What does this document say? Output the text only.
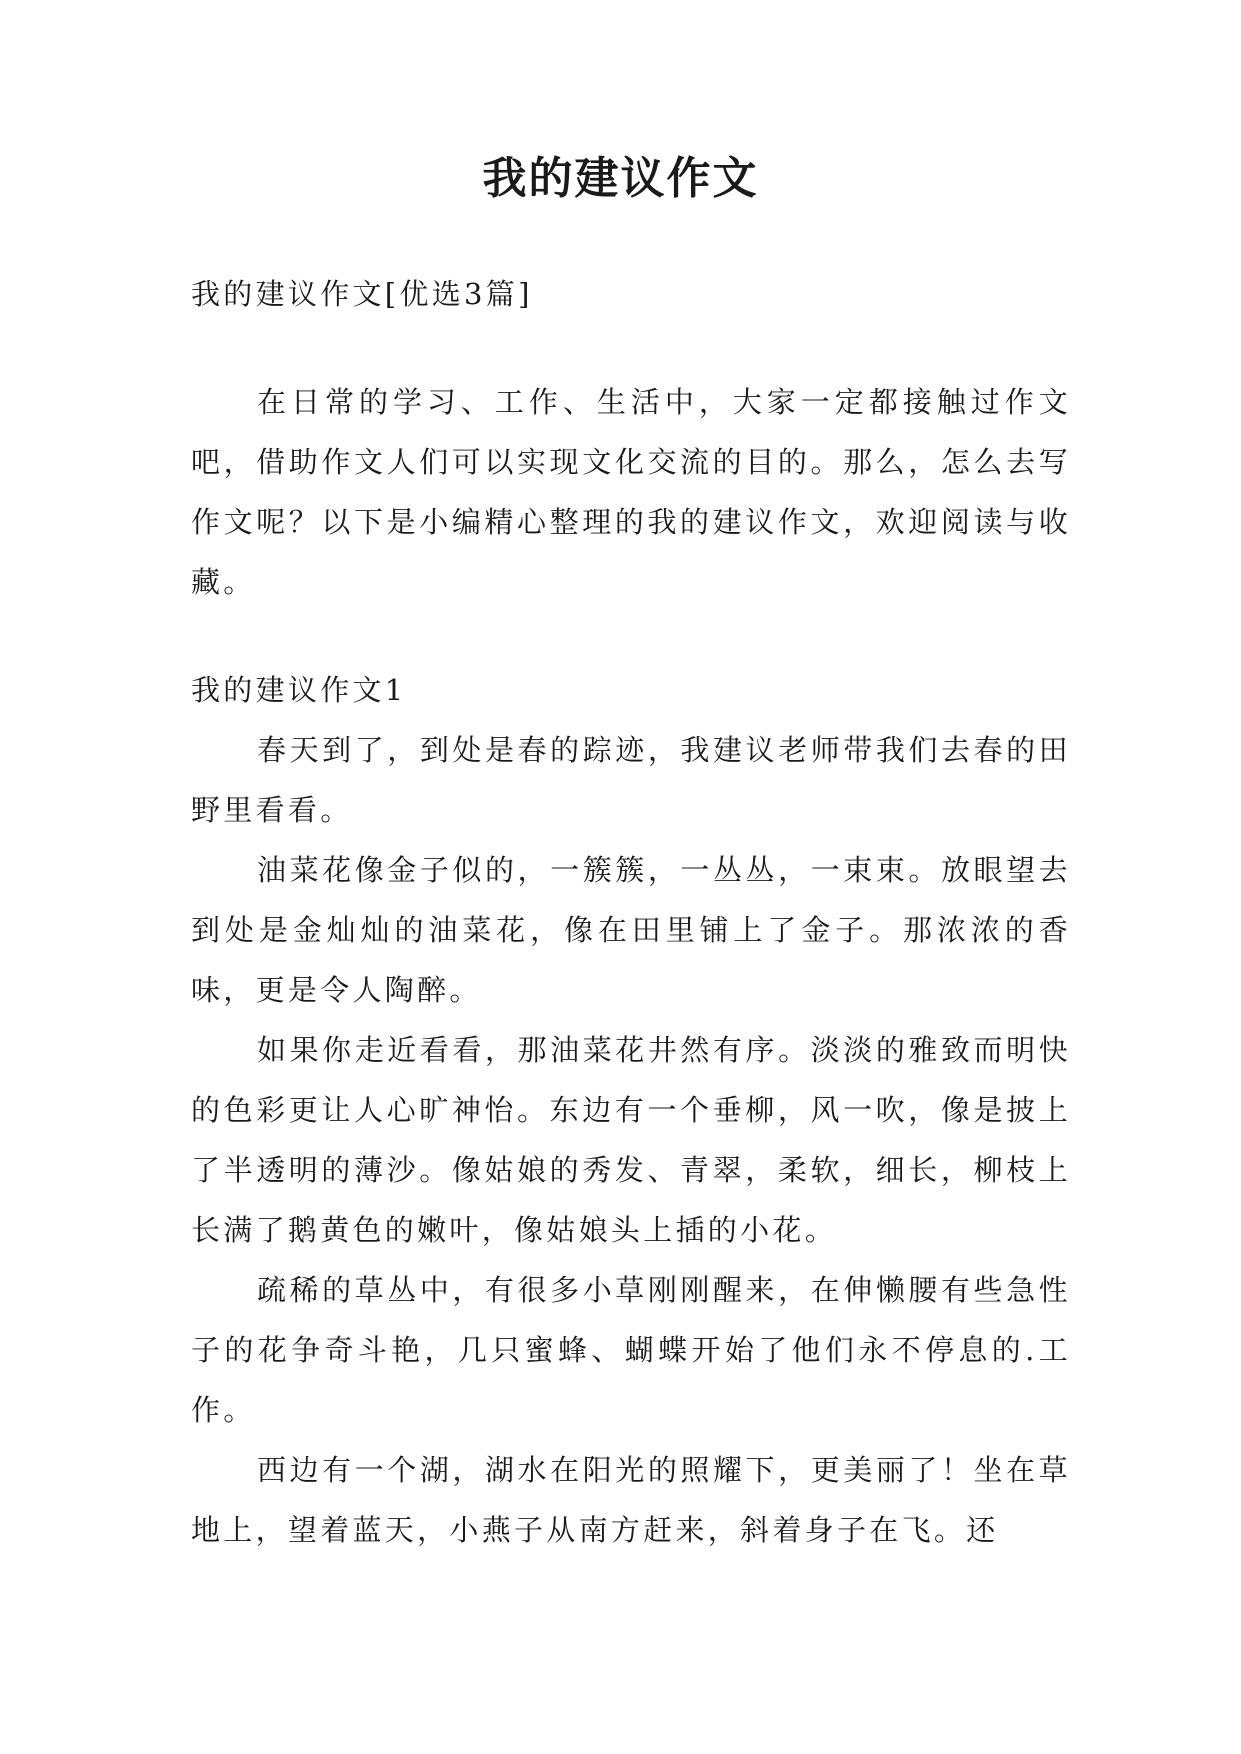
我的建议作文

我的建议作文[优选3篇]

在日常的学习、工作、生活中，大家一定都接触过作文吧，借助作文人们可以实现文化交流的目的。那么，怎么去写作文呢？以下是小编精心整理的我的建议作文，欢迎阅读与收藏。

我的建议作文1

春天到了，到处是春的踪迹，我建议老师带我们去春的田野里看看。

油菜花像金子似的，一簇簇，一丛丛，一束束。放眼望去到处是金灿灿的油菜花，像在田里铺上了金子。那浓浓的香味，更是令人陶醉。

如果你走近看看，那油菜花井然有序。淡淡的雅致而明快的色彩更让人心旷神怡。东边有一个垂柳，风一吹，像是披上了半透明的薄沙。像姑娘的秀发、青翠，柔软，细长，柳枝上长满了鹅黄色的嫩叶，像姑娘头上插的小花。

疏稀的草丛中，有很多小草刚刚醒来，在伸懒腰有些急性子的花争奇斗艳，几只蜜蜂、蝴蝶开始了他们永不停息的.工作。

西边有一个湖，湖水在阳光的照耀下，更美丽了！坐在草地上，望着蓝天，小燕子从南方赶来，斜着身子在飞。还
